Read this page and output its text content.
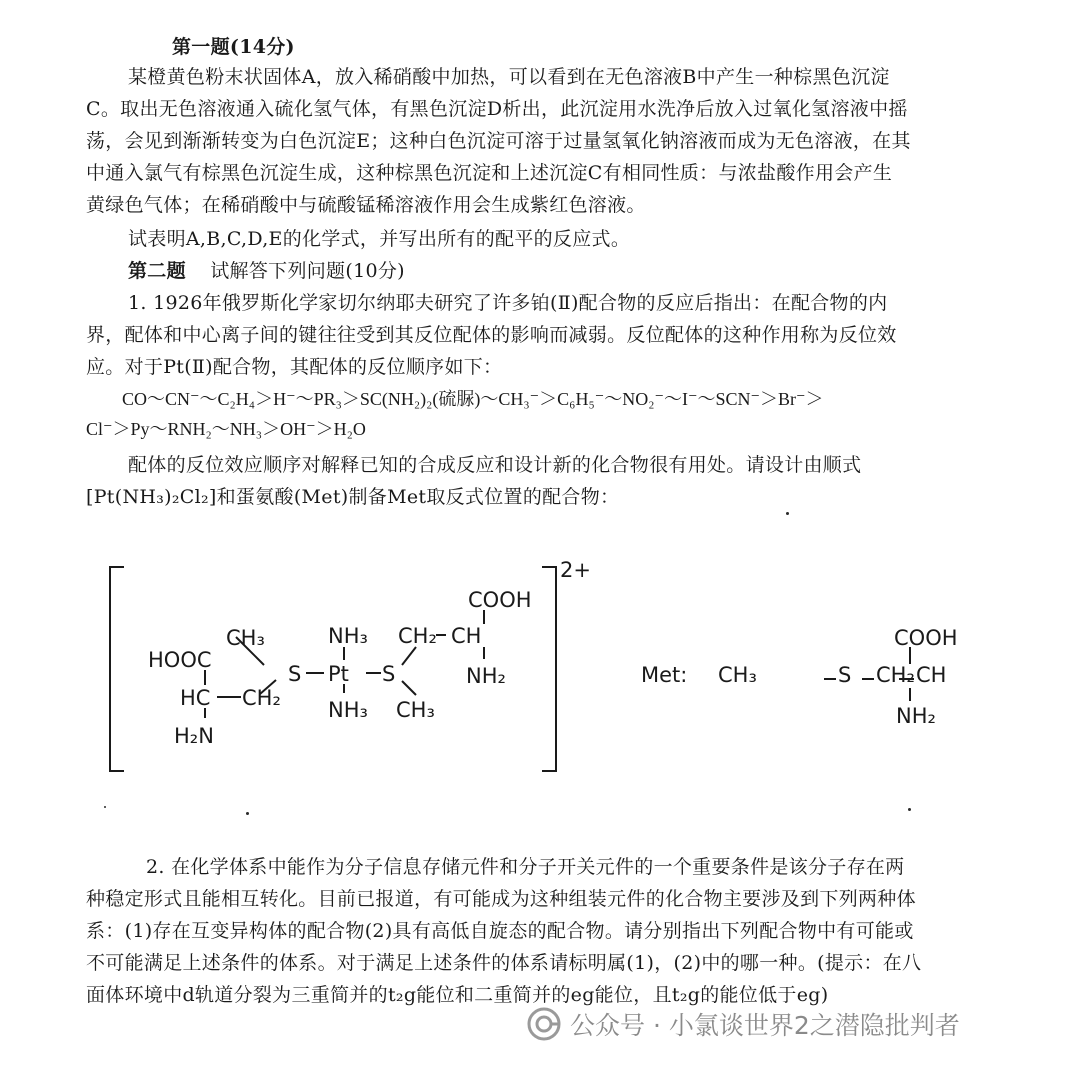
第一题(14分)
某橙黄色粉末状固体A，放入稀硝酸中加热，可以看到在无色溶液B中产生一种棕黑色沉淀
C。取出无色溶液通入硫化氢气体，有黑色沉淀D析出，此沉淀用水洗净后放入过氧化氢溶液中摇
荡，会见到渐渐转变为白色沉淀E；这种白色沉淀可溶于过量氢氧化钠溶液而成为无色溶液，在其
中通入氯气有棕黑色沉淀生成，这种棕黑色沉淀和上述沉淀C有相同性质：与浓盐酸作用会产生
黄绿色气体；在稀硝酸中与硫酸锰稀溶液作用会生成紫红色溶液。
试表明A,B,C,D,E的化学式，并写出所有的配平的反应式。
第二题 试解答下列问题(10分)
1. 1926年俄罗斯化学家切尔纳耶夫研究了许多铂(Ⅱ)配合物的反应后指出：在配合物的内
界，配体和中心离子间的键往往受到其反位配体的影响而减弱。反位配体的这种作用称为反位效
应。对于Pt(Ⅱ)配合物，其配体的反位顺序如下：
CO～CN⁻～C₂H₄＞H⁻～PR₃＞SC(NH₂)₂(硫脲)～CH₃⁻＞C₆H₅⁻～NO₂⁻～I⁻～SCN⁻＞Br⁻＞
Cl⁻＞Py～RNH₂～NH₃＞OH⁻＞H₂O
配体的反位效应顺序对解释已知的合成反应和设计新的化合物很有用处。请设计由顺式
[Pt(NH₃)₂Cl₂]和蛋氨酸(Met)制备Met取反式位置的配合物：
2+
COOH
CH₃	NH₃ CH₂ CH
HOOC
NH₂
S Pt S
HC CH₂ NH₃ CH₃
H₂N
Met: CH₃	S CH₂
COOH
CH
NH₂
2. 在化学体系中能作为分子信息存储元件和分子开关元件的一个重要条件是该分子存在两
种稳定形式且能相互转化。目前已报道，有可能成为这种组装元件的化合物主要涉及到下列两种体
系：(1)存在互变异构体的配合物(2)具有高低自旋态的配合物。请分别指出下列配合物中有可能或
不可能满足上述条件的体系。对于满足上述条件的体系请标明属(1)，(2)中的哪一种。(提示：在八
面体环境中d轨道分裂为三重简并的t₂g能位和二重简并的eg能位，且t₂g的能位低于eg)
公众号 · 小氯谈世界2之潜隐批判者
